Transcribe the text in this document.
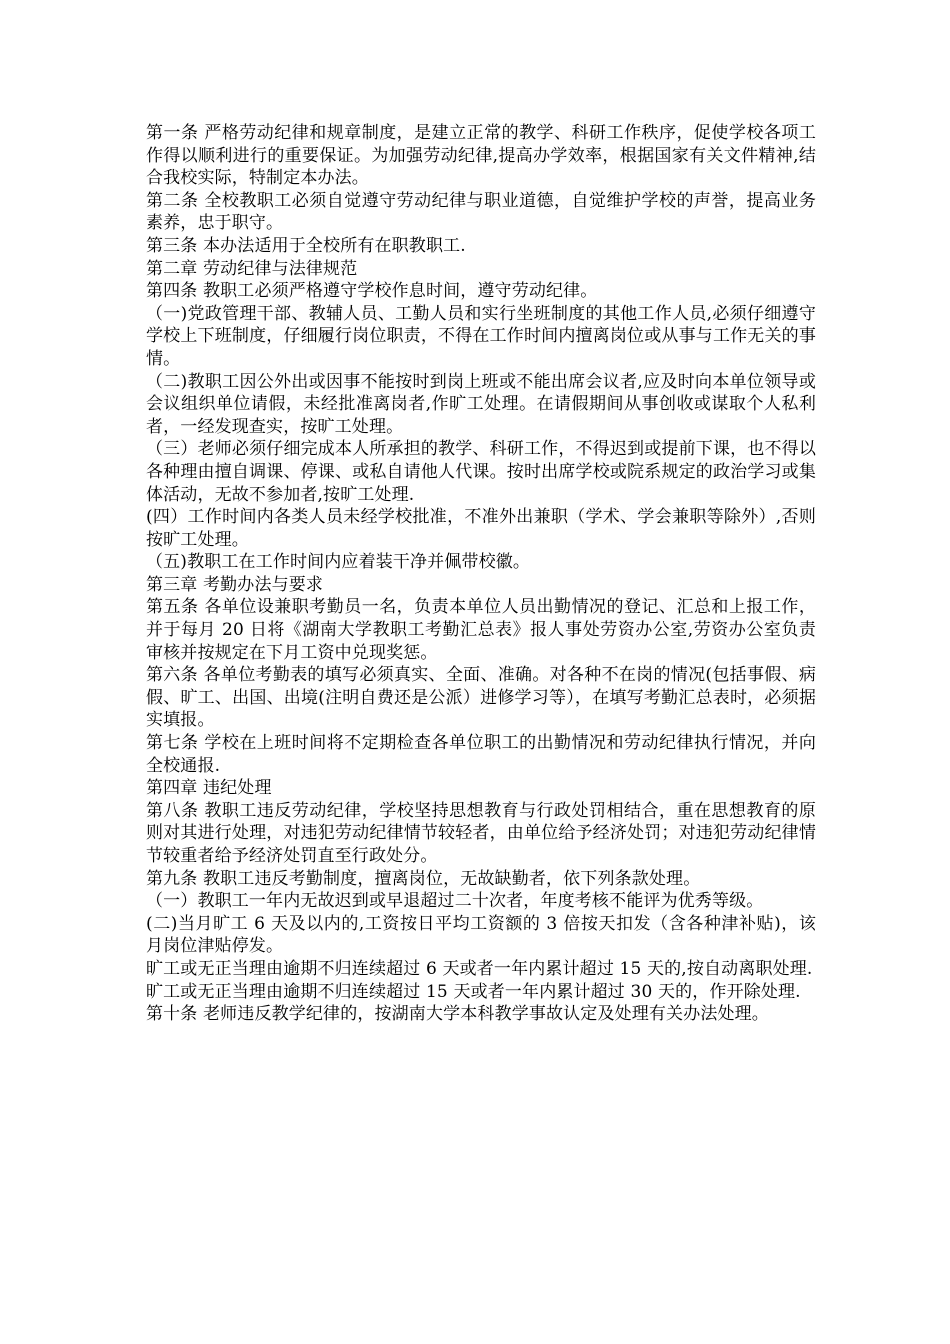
第一条 严格劳动纪律和规章制度，是建立正常的教学、科研工作秩序，促使学校各项工作得以顺利进行的重要保证。为加强劳动纪律,提高办学效率，根据国家有关文件精神,结合我校实际，特制定本办法。

第二条 全校教职工必须自觉遵守劳动纪律与职业道德，自觉维护学校的声誉，提高业务素养，忠于职守。

第三条 本办法适用于全校所有在职教职工.

第二章 劳动纪律与法律规范

第四条 教职工必须严格遵守学校作息时间，遵守劳动纪律。

（一)党政管理干部、教辅人员、工勤人员和实行坐班制度的其他工作人员,必须仔细遵守学校上下班制度，仔细履行岗位职责，不得在工作时间内擅离岗位或从事与工作无关的事情。

（二)教职工因公外出或因事不能按时到岗上班或不能出席会议者,应及时向本单位领导或会议组织单位请假，未经批准离岗者,作旷工处理。在请假期间从事创收或谋取个人私利者，一经发现查实，按旷工处理。

（三）老师必须仔细完成本人所承担的教学、科研工作，不得迟到或提前下课，也不得以各种理由擅自调课、停课、或私自请他人代课。按时出席学校或院系规定的政治学习或集体活动，无故不参加者,按旷工处理.

(四）工作时间内各类人员未经学校批准，不准外出兼职（学术、学会兼职等除外）,否则按旷工处理。

（五)教职工在工作时间内应着装干净并佩带校徽。

第三章 考勤办法与要求

第五条 各单位设兼职考勤员一名，负责本单位人员出勤情况的登记、汇总和上报工作，并于每月 20 日将《湖南大学教职工考勤汇总表》报人事处劳资办公室,劳资办公室负责审核并按规定在下月工资中兑现奖惩。

第六条 各单位考勤表的填写必须真实、全面、准确。对各种不在岗的情况(包括事假、病假、旷工、出国、出境(注明自费还是公派）进修学习等），在填写考勤汇总表时，必须据实填报。

第七条 学校在上班时间将不定期检查各单位职工的出勤情况和劳动纪律执行情况，并向全校通报.

第四章 违纪处理

第八条 教职工违反劳动纪律，学校坚持思想教育与行政处罚相结合，重在思想教育的原则对其进行处理，对违犯劳动纪律情节较轻者，由单位给予经济处罚；对违犯劳动纪律情节较重者给予经济处罚直至行政处分。

第九条 教职工违反考勤制度，擅离岗位，无故缺勤者，依下列条款处理。

（一）教职工一年内无故迟到或早退超过二十次者，年度考核不能评为优秀等级。

(二)当月旷工 6 天及以内的,工资按日平均工资额的 3 倍按天扣发（含各种津补贴)，该月岗位津贴停发。

旷工或无正当理由逾期不归连续超过 6 天或者一年内累计超过 15 天的,按自动离职处理.

旷工或无正当理由逾期不归连续超过 15 天或者一年内累计超过 30 天的，作开除处理.

第十条 老师违反教学纪律的，按湖南大学本科教学事故认定及处理有关办法处理。
